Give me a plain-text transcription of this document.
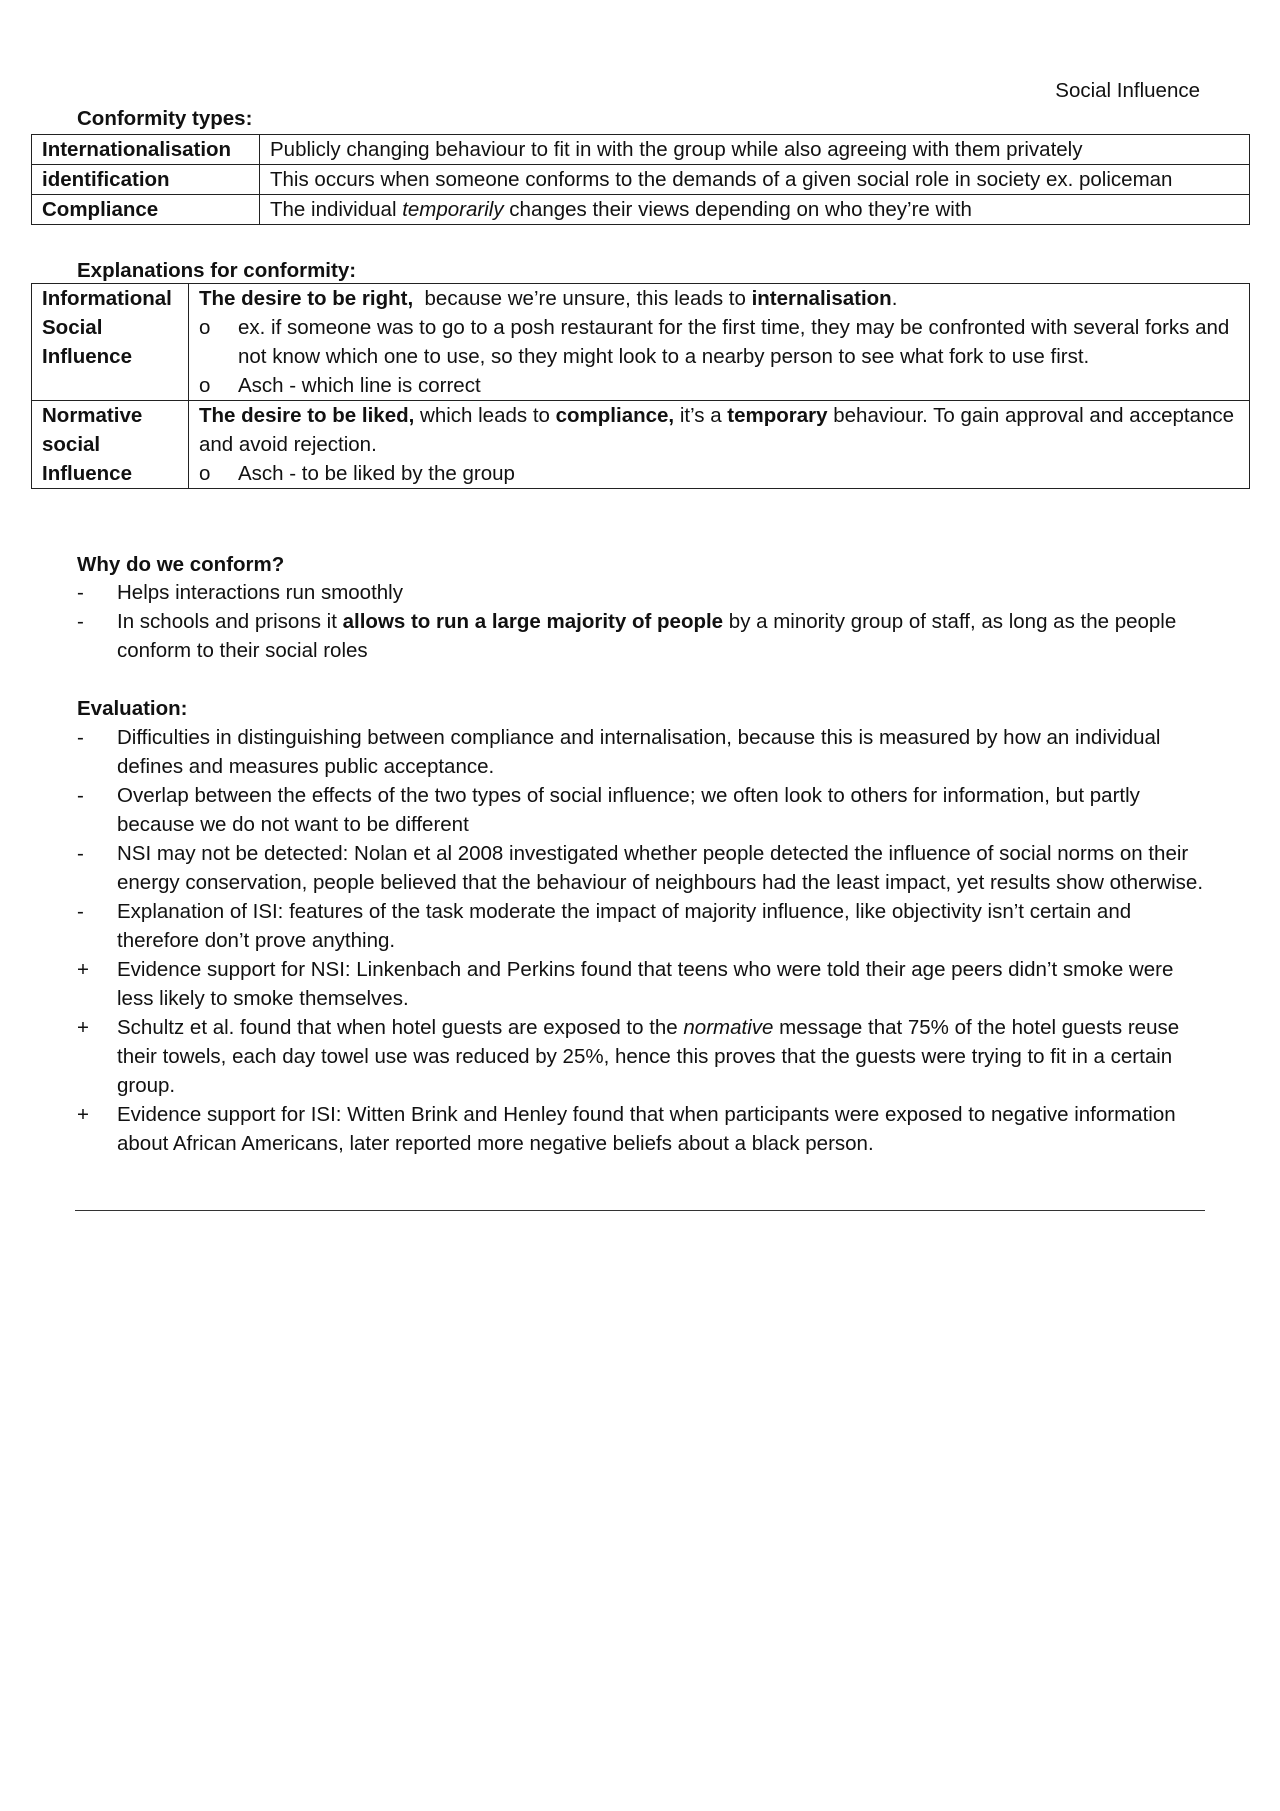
Social Influence

Conformity types:

Internationalisation	Publicly changing behaviour to fit in with the group while also agreeing with them privately
identification	This occurs when someone conforms to the demands of a given social role in society ex. policeman
Compliance	The individual temporarily changes their views depending on who they’re with

Explanations for conformity:

Informational Social Influence	The desire to be right,  because we’re unsure, this leads to internalisation.
o ex. if someone was to go to a posh restaurant for the first time, they may be confronted with several forks and not know which one to use, so they might look to a nearby person to see what fork to use first.
o Asch - which line is correct

Normative social Influence	The desire to be liked, which leads to compliance, it’s a temporary behaviour. To gain approval and acceptance and avoid rejection.
o Asch - to be liked by the group

Why do we conform?

-	Helps interactions run smoothly
-	In schools and prisons it allows to run a large majority of people by a minority group of staff, as long as the people conform to their social roles

Evaluation:

-	Difficulties in distinguishing between compliance and internalisation, because this is measured by how an individual defines and measures public acceptance.
-	Overlap between the effects of the two types of social influence; we often look to others for information, but partly because we do not want to be different
-	NSI may not be detected: Nolan et al 2008 investigated whether people detected the influence of social norms on their energy conservation, people believed that the behaviour of neighbours had the least impact, yet results show otherwise.
-	Explanation of ISI: features of the task moderate the impact of majority influence, like objectivity isn’t certain and therefore don’t prove anything.
+	Evidence support for NSI: Linkenbach and Perkins found that teens who were told their age peers didn’t smoke were less likely to smoke themselves.
+	Schultz et al. found that when hotel guests are exposed to the normative message that 75% of the hotel guests reuse their towels, each day towel use was reduced by 25%, hence this proves that the guests were trying to fit in a certain group.
+	Evidence support for ISI: Witten Brink and Henley found that when participants were exposed to negative information about African Americans, later reported more negative beliefs about a black person.
